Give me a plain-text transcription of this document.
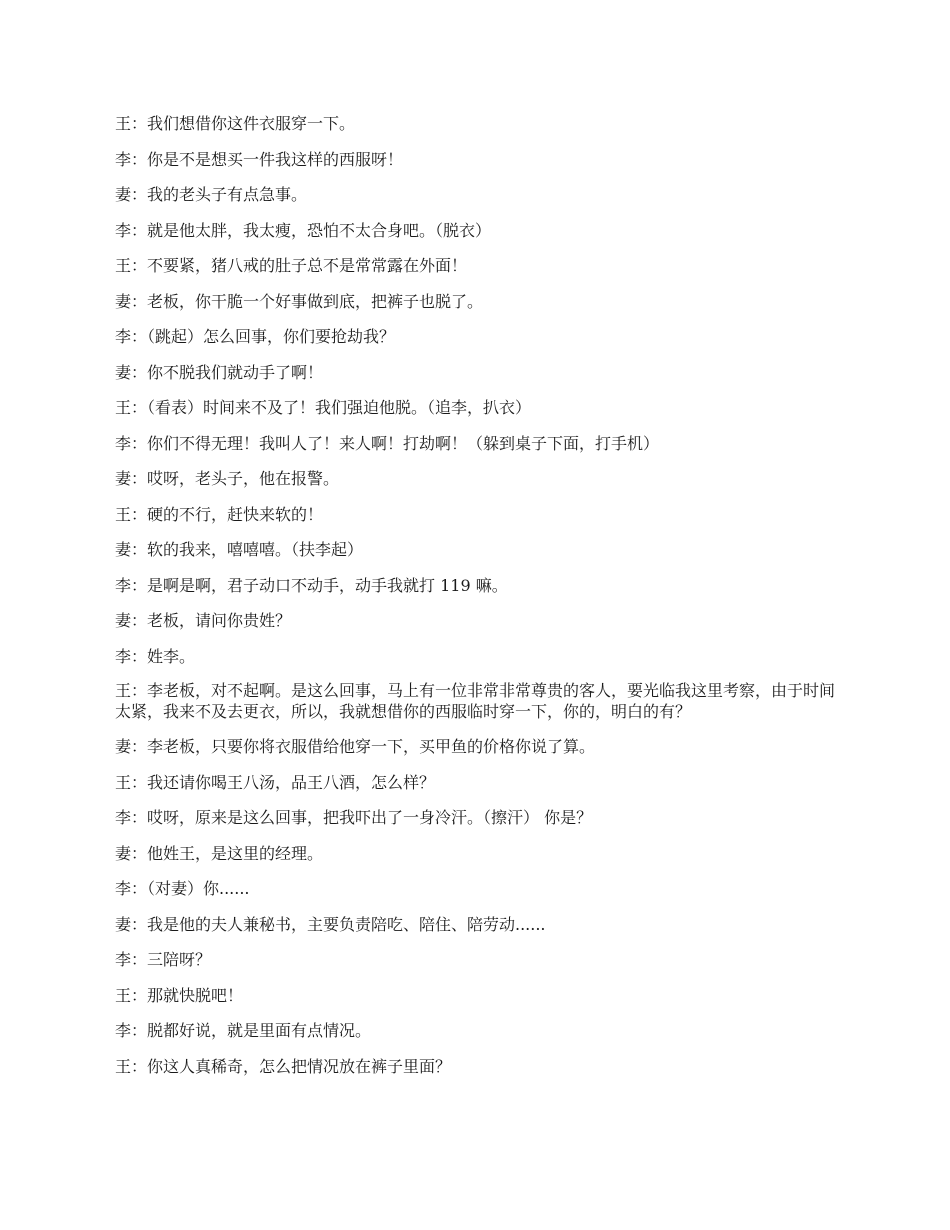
王：我们想借你这件衣服穿一下。

李：你是不是想买一件我这样的西服呀！

妻：我的老头子有点急事。

李：就是他太胖，我太瘦，恐怕不太合身吧。（脱衣）

王：不要紧，猪八戒的肚子总不是常常露在外面！

妻：老板，你干脆一个好事做到底，把裤子也脱了。

李：（跳起）怎么回事，你们要抢劫我？

妻：你不脱我们就动手了啊！

王：（看表）时间来不及了！我们强迫他脱。（追李，扒衣）

李：你们不得无理！我叫人了！来人啊！打劫啊！（躲到桌子下面，打手机）

妻：哎呀，老头子，他在报警。

王：硬的不行，赶快来软的！

妻：软的我来，嘻嘻嘻。（扶李起）

李：是啊是啊，君子动口不动手，动手我就打 119 嘛。

妻：老板，请问你贵姓？

李：姓李。

王：李老板，对不起啊。是这么回事，马上有一位非常非常尊贵的客人，要光临我这里考察，由于时间太紧，我来不及去更衣，所以，我就想借你的西服临时穿一下，你的，明白的有？

妻：李老板，只要你将衣服借给他穿一下，买甲鱼的价格你说了算。

王：我还请你喝王八汤，品王八酒，怎么样？

李：哎呀，原来是这么回事，把我吓出了一身冷汗。（擦汗） 你是？

妻：他姓王，是这里的经理。

李：（对妻）你......

妻：我是他的夫人兼秘书，主要负责陪吃、陪住、陪劳动......

李：三陪呀？

王：那就快脱吧！

李：脱都好说，就是里面有点情况。

王：你这人真稀奇，怎么把情况放在裤子里面？
